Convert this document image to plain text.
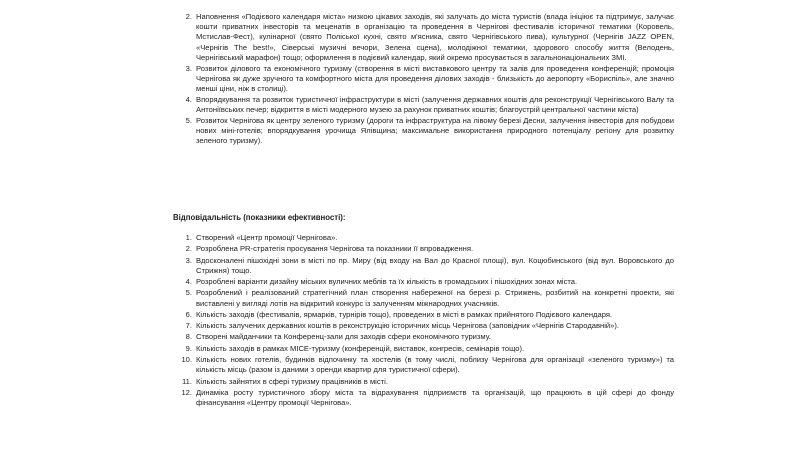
2. Наповнення «Подієвого календаря міста» низкою цікавих заходів, які залучать до міста туристів (влада ініціює та підтримує, залучає кошти приватних інвесторів та меценатів в організацію та проведення в Чернігові фестивалів історичної тематики (Коровель, Мстислав-Фест), кулінарної (свято Поліської кухні, свято м'ясника, свято Чернігівського пива), культурної (Чернігів JAZZ OPEN, «Чернігів The best!», Сіверські музичні вечори, Зелена сцена), молодіжної тематики, здорового способу життя (Велодень, Чернігівський марафон) тощо; оформлення в подієвий календар, який окремо просувається в загальнонаціональних ЗМІ.
3. Розвиток ділового та економічного туризму (створення в місті виставкового центру та залів для проведення конференцій; промоція Чернігова як дуже зручного та комфортного міста для проведення ділових заходів - близькість до аеропорту «Бориспіль», але значно менші ціни, ніж в столиці).
4. Впорядкування та розвиток туристичної інфраструктури в місті (залучення державних коштів для реконструкції Чернігівського Валу та Антоніївських печер; відкриття в місті модерного музею за рахунок приватних коштів; благоустрій центральної частини міста)
5. Розвиток Чернігова як центру зеленого туризму (дороги та інфраструктура на лівому березі Десни, залучення інвесторів для побудови нових міні-готелів; впорядкування урочища Ялівщина; максимальне використання природного потенціалу регіону для розвитку зеленого туризму).

Відповідальність (показники ефективності):

1. Створений «Центр промоції Чернігова».
2. Розроблена PR-стратегія просування Чернігова та показники її впровадження.
3. Вдосконалені пішохідні зони в місті по пр. Миру (від входу на Вал до Красної площі), вул. Коцюбинського (від вул. Воровського до Стрижня) тощо.
4. Розроблені варіанти дизайну міських вуличних меблів та їх кількість в громадських і пішохідних зонах міста.
5. Розроблений і реалізований стратегічний план створення набережної на березі р. Стрижень, розбитий на конкретні проекти, які виставлені у вигляді лотів на відкритий конкурс із залученням міжнародних учасників.
6. Кількість заходів (фестивалів, ярмарків, турнірів тощо), проведених в місті в рамках прийнятого Подієвого календаря.
7. Кількість залучених державних коштів в реконструкцію історичних місць Чернігова (заповідник «Чернігів Стародавній»).
8. Створені майданчики та Конференц-зали для заходів сфери економічного туризму.
9. Кількість заходів в рамках MICE-туризму (конференцій, виставок, конгресів, семінарів тощо).
10. Кількість нових готелів, будинків відпочинку та хостелів (в тому числі, поблизу Чернігова для організації «зеленого туризму») та кількість місць (разом із даними з оренди квартир для туристичної сфери).
11. Кількість зайнятих в сфері туризму працівників в місті.
12. Динаміка росту туристичного збору міста та відрахування підприємств та організацій, що працюють в цій сфері до фонду фінансування «Центру промоції Чернігова».
